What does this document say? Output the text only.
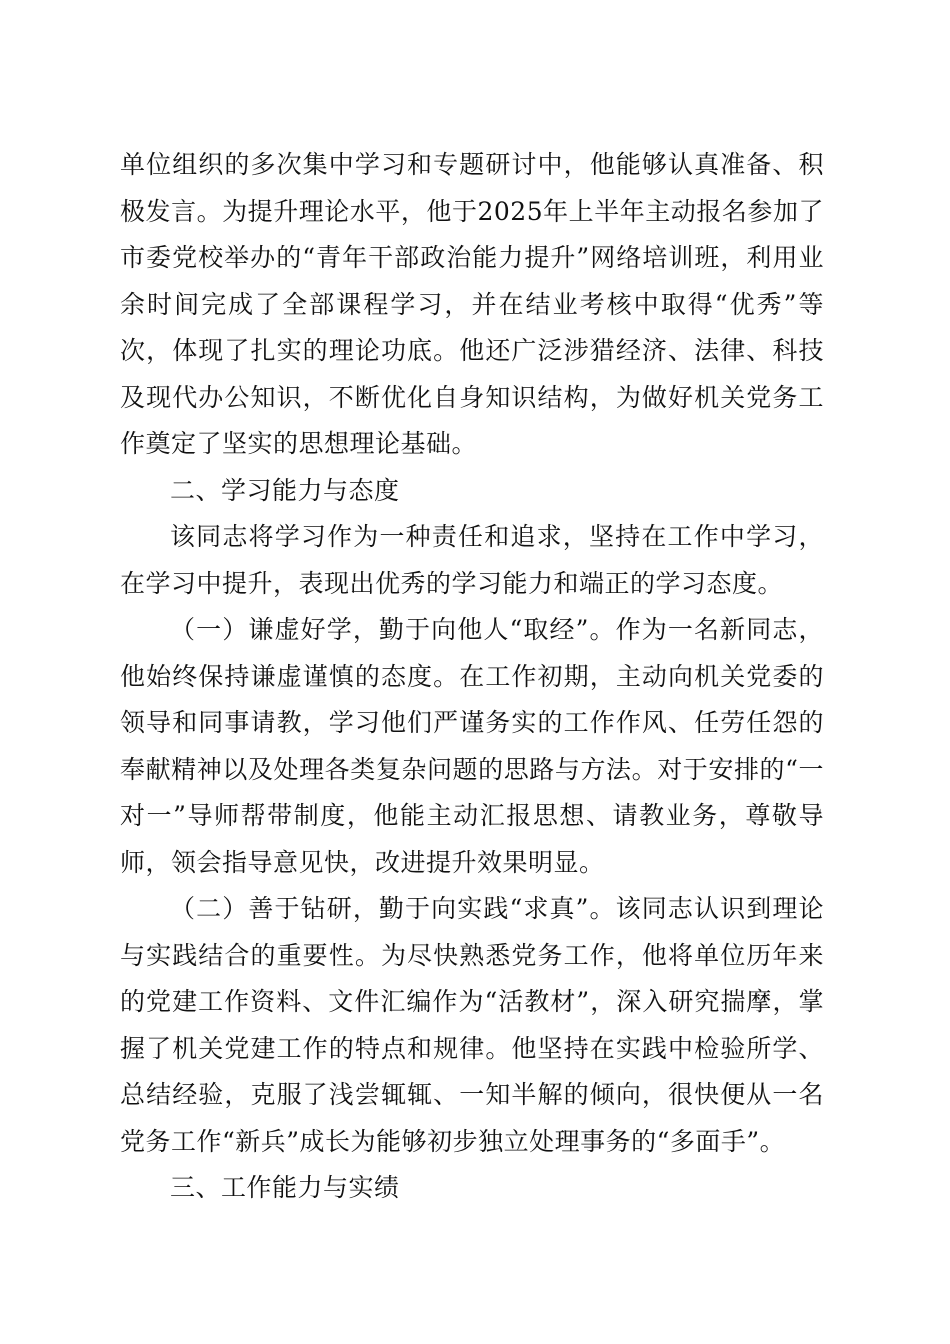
单位组织的多次集中学习和专题研讨中，他能够认真准备、积极发言。为提升理论水平，他于2025年上半年主动报名参加了市委党校举办的“青年干部政治能力提升”网络培训班，利用业余时间完成了全部课程学习，并在结业考核中取得“优秀”等次，体现了扎实的理论功底。他还广泛涉猎经济、法律、科技及现代办公知识，不断优化自身知识结构，为做好机关党务工作奠定了坚实的思想理论基础。

二、学习能力与态度

该同志将学习作为一种责任和追求，坚持在工作中学习，在学习中提升，表现出优秀的学习能力和端正的学习态度。

（一）谦虚好学，勤于向他人“取经”。作为一名新同志，他始终保持谦虚谨慎的态度。在工作初期，主动向机关党委的领导和同事请教，学习他们严谨务实的工作作风、任劳任怨的奉献精神以及处理各类复杂问题的思路与方法。对于安排的“一对一”导师帮带制度，他能主动汇报思想、请教业务，尊敬导师，领会指导意见快，改进提升效果明显。

（二）善于钻研，勤于向实践“求真”。该同志认识到理论与实践结合的重要性。为尽快熟悉党务工作，他将单位历年来的党建工作资料、文件汇编作为“活教材”，深入研究揣摩，掌握了机关党建工作的特点和规律。他坚持在实践中检验所学、总结经验，克服了浅尝辄辄、一知半解的倾向，很快便从一名党务工作“新兵”成长为能够初步独立处理事务的“多面手”。

三、工作能力与实绩
